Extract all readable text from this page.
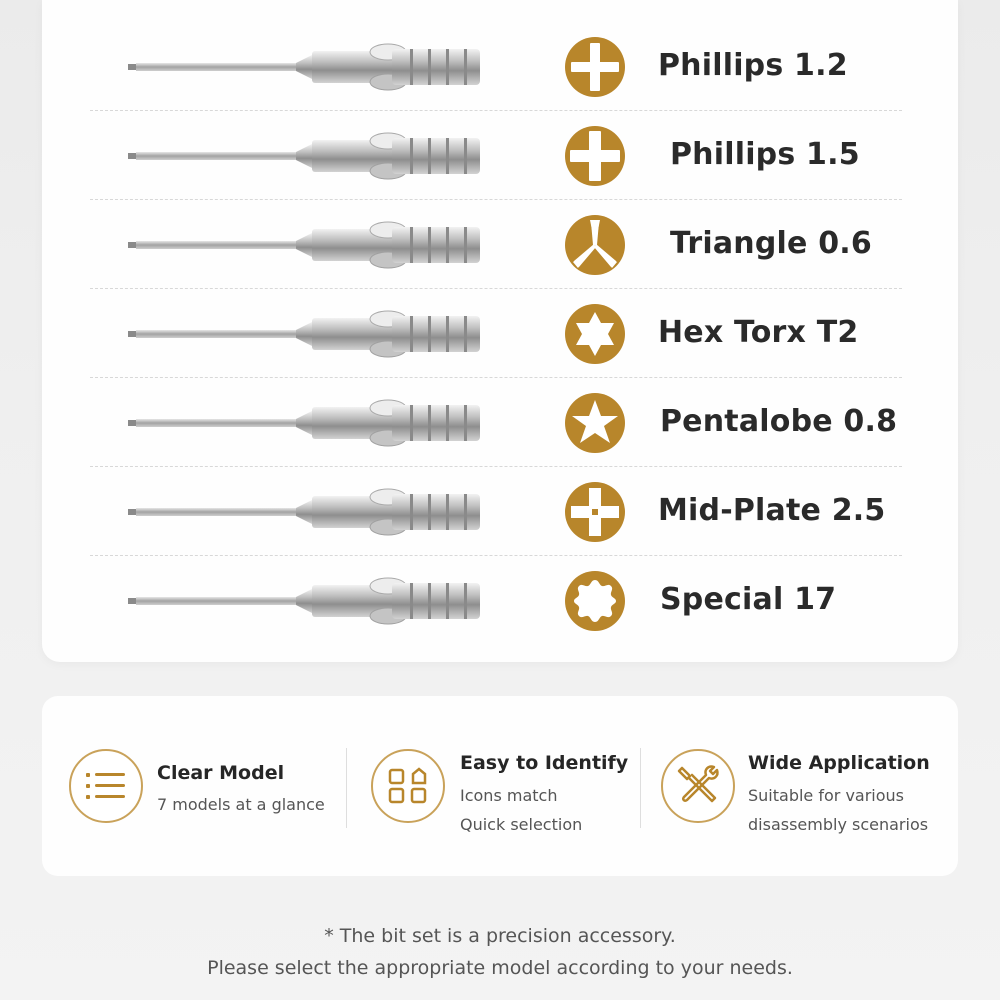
Phillips 1.2
Phillips 1.5
Triangle 0.6
Hex Torx T2
Pentalobe 0.8
Mid-Plate 2.5
Special 17
Clear Model
7 models at a glance
Easy to Identify
Icons match
Quick selection
Wide Application
Suitable for various
disassembly scenarios
* The bit set is a precision accessory.
Please select the appropriate model according to your needs.
